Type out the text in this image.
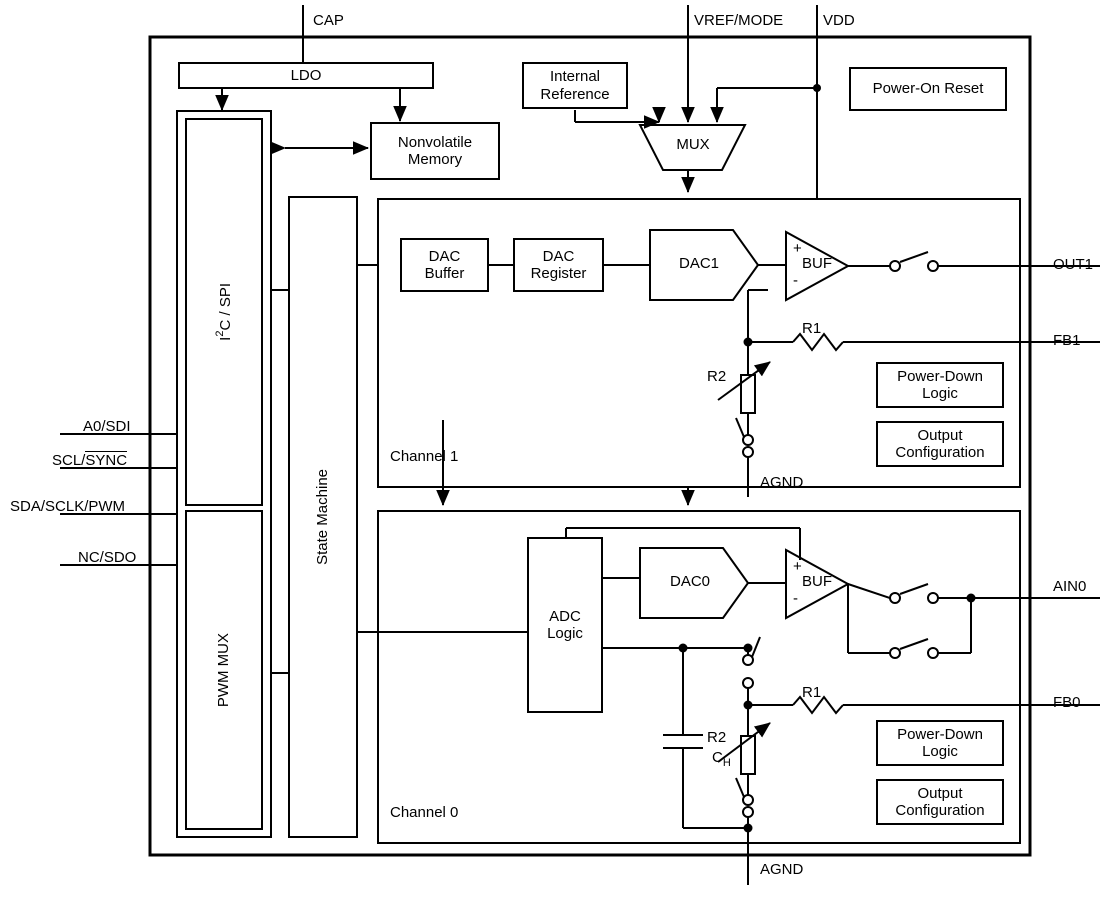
CAP	VREF/MODE	VDD
A0/SDI
SCL/SYNC
SDA/SCLK/PWM
NC/SDO
OUT1
FB1
AIN0
FB0
AGND
AGND
LDO	Internal
Reference	Power-On Reset
Nonvolatile
Memory
MUX
$I^2C$ / SPI
PWM MUX
State Machine
Channel 1
Channel 0
DAC
Buffer
DAC
Register
DAC1	BUF
+
-
Power-Down
Logic
Output
Configuration
R1
R2
ADC
Logic
DAC0	BUF
+
-
Power-Down
Logic
Output
Configuration
R1
R2
$C_H$
